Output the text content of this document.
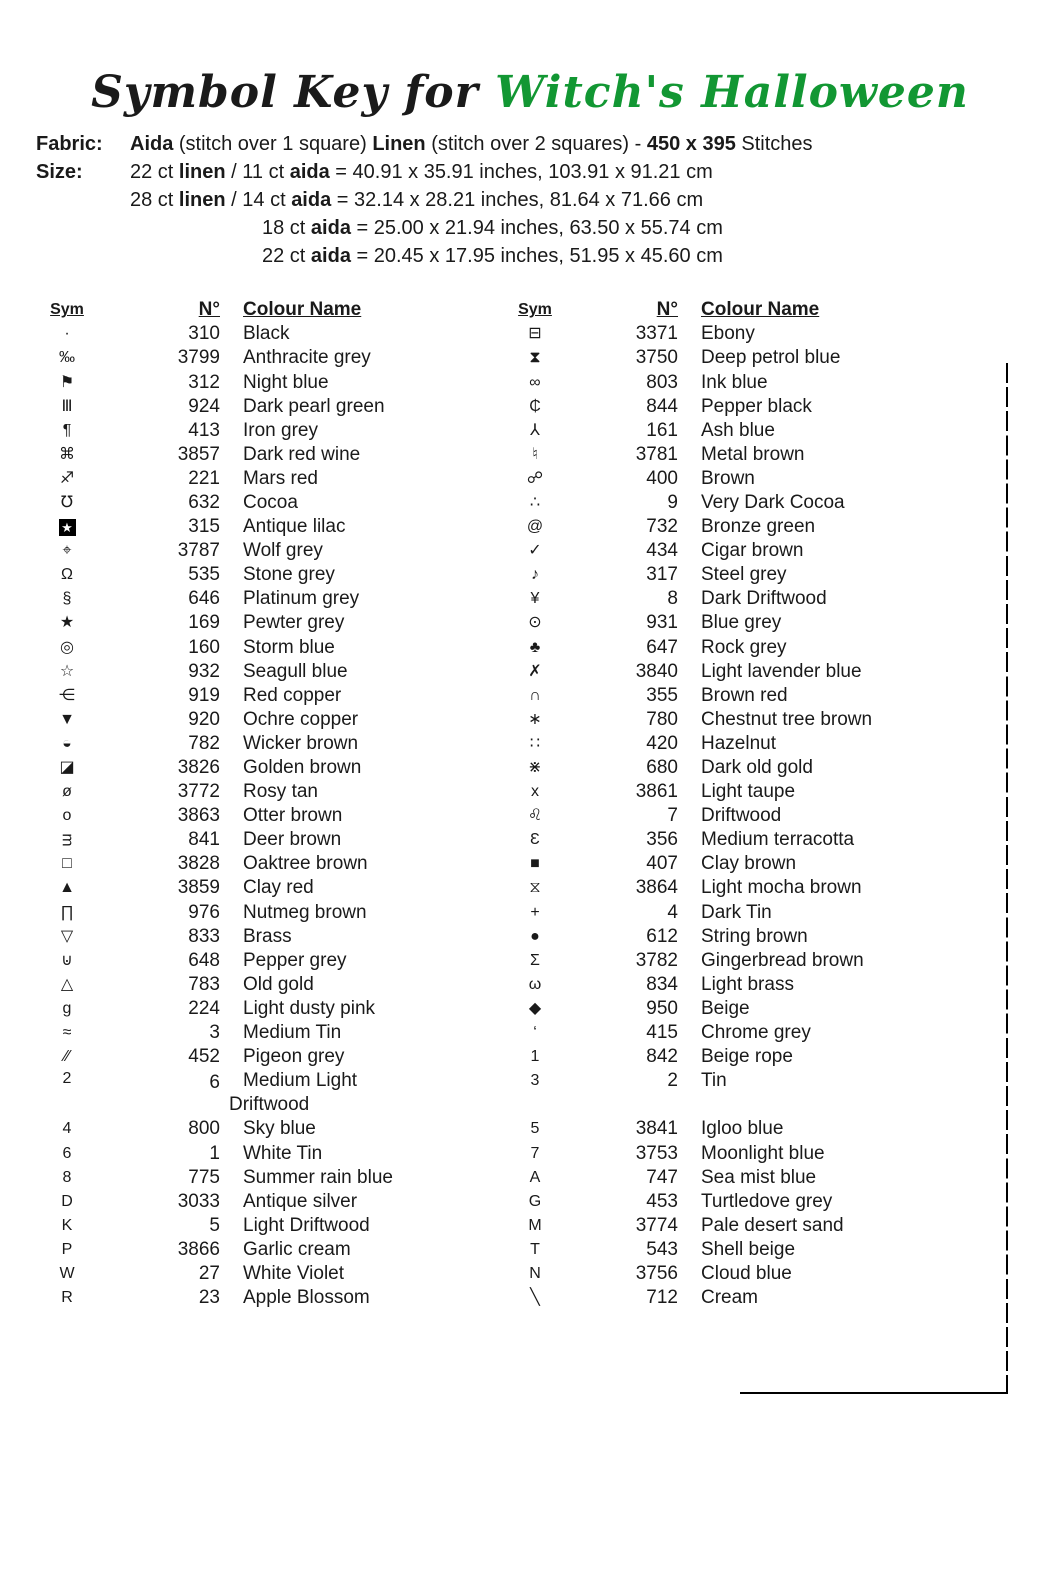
Symbol Key for Witch's Halloween
Fabric:	Aida (stitch over 1 square) Linen (stitch over 2 squares) - 450 x 395 Stitches
Size:	22 ct linen / 11 ct aida = 40.91 x 35.91 inches, 103.91 x 91.21 cm
28 ct linen / 14 ct aida = 32.14 x 28.21 inches, 81.64 x 71.66 cm
18 ct aida = 25.00 x 21.94 inches, 63.50 x 55.74 cm
22 ct aida = 20.45 x 17.95 inches, 51.95 x 45.60 cm
Sym	N°	Colour Name
·	310	Black
‰	3799	Anthracite grey
⚑	312	Night blue
Ⅲ	924	Dark pearl green
¶	413	Iron grey
⌘	3857	Dark red wine
♐	221	Mars red
℧	632	Cocoa
★	315	Antique lilac
⌖	3787	Wolf grey
Ω	535	Stone grey
§	646	Platinum grey
★	169	Pewter grey
◎	160	Storm blue
☆	932	Seagull blue
⋲	919	Red copper
▼	920	Ochre copper
◒	782	Wicker brown
◪	3826	Golden brown
ø	3772	Rosy tan
o	3863	Otter brown
ᴟ	841	Deer brown
□	3828	Oaktree brown
▲	3859	Clay red
∏	976	Nutmeg brown
▽	833	Brass
⊍	648	Pepper grey
△	783	Old gold
g	224	Light dusty pink
≈	3	Medium Tin
∕∕	452	Pigeon grey
2	6	Medium Light
Driftwood
4	800	Sky blue
6	1	White Tin
8	775	Summer rain blue
D	3033	Antique silver
K	5	Light Driftwood
P	3866	Garlic cream
W	27	White Violet
R	23	Apple Blossom
Sym	N°	Colour Name
⊟	3371	Ebony
⧗	3750	Deep petrol blue
∞	803	Ink blue
₵	844	Pepper black
⅄	161	Ash blue
♮	3781	Metal brown
☍	400	Brown
∴	9	Very Dark Cocoa
@	732	Bronze green
✓	434	Cigar brown
♪	317	Steel grey
¥	8	Dark Driftwood
⊙	931	Blue grey
♣	647	Rock grey
✗	3840	Light lavender blue
∩	355	Brown red
∗	780	Chestnut tree brown
∷	420	Hazelnut
⋇	680	Dark old gold
x	3861	Light taupe
♌	7	Driftwood
Ɛ	356	Medium terracotta
■	407	Clay brown
⧖	3864	Light mocha brown
+	4	Dark Tin
●	612	String brown
Σ	3782	Gingerbread brown
ω	834	Light brass
◆	950	Beige
‘	415	Chrome grey
1	842	Beige rope
3	2	Tin
5	3841	Igloo blue
7	3753	Moonlight blue
A	747	Sea mist blue
G	453	Turtledove grey
M	3774	Pale desert sand
T	543	Shell beige
N	3756	Cloud blue
╲	712	Cream
